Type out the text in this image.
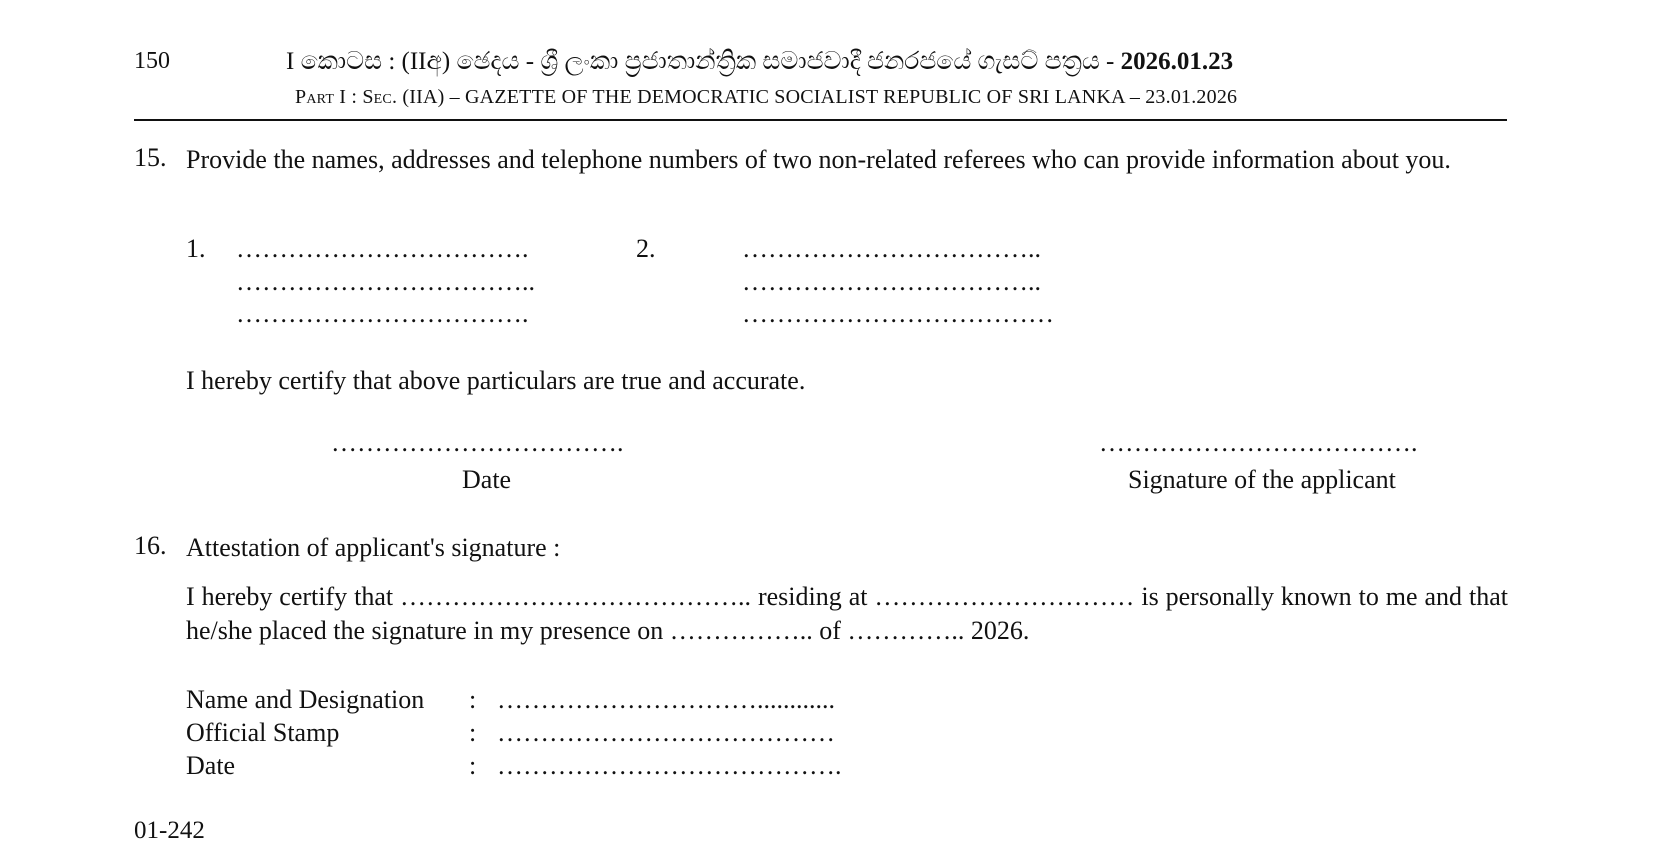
150	I කොටස : (IIඅ) ඡෙදය - ශ්‍රී ලංකා ප්‍රජාතාන්ත්‍රික සමාජවාදී ජනරජයේ ගැසට් පත්‍රය - 2026.01.23
Part I : Sec. (IIA) – GAZETTE OF THE DEMOCRATIC SOCIALIST REPUBLIC OF SRI LANKA – 23.01.2026
15. Provide the names, addresses and telephone numbers of two non-related referees who can provide information about you.
1. …………………………….
……………………………..
…………………………….
2.	……………………………..
……………………………..
………………………………
I hereby certify that above particulars are true and accurate.
…………………………….
Date
……………………………….
Signature of the applicant
16. Attestation of applicant's signature :
I hereby certify that ………………………………….. residing at ………………………… is personally known to me and that he/she placed the signature in my presence on …………….. of ………….. 2026.
Name and Designation : …………………………............
Official Stamp	: …………………………………
Date	: ………………………………….
01-242
